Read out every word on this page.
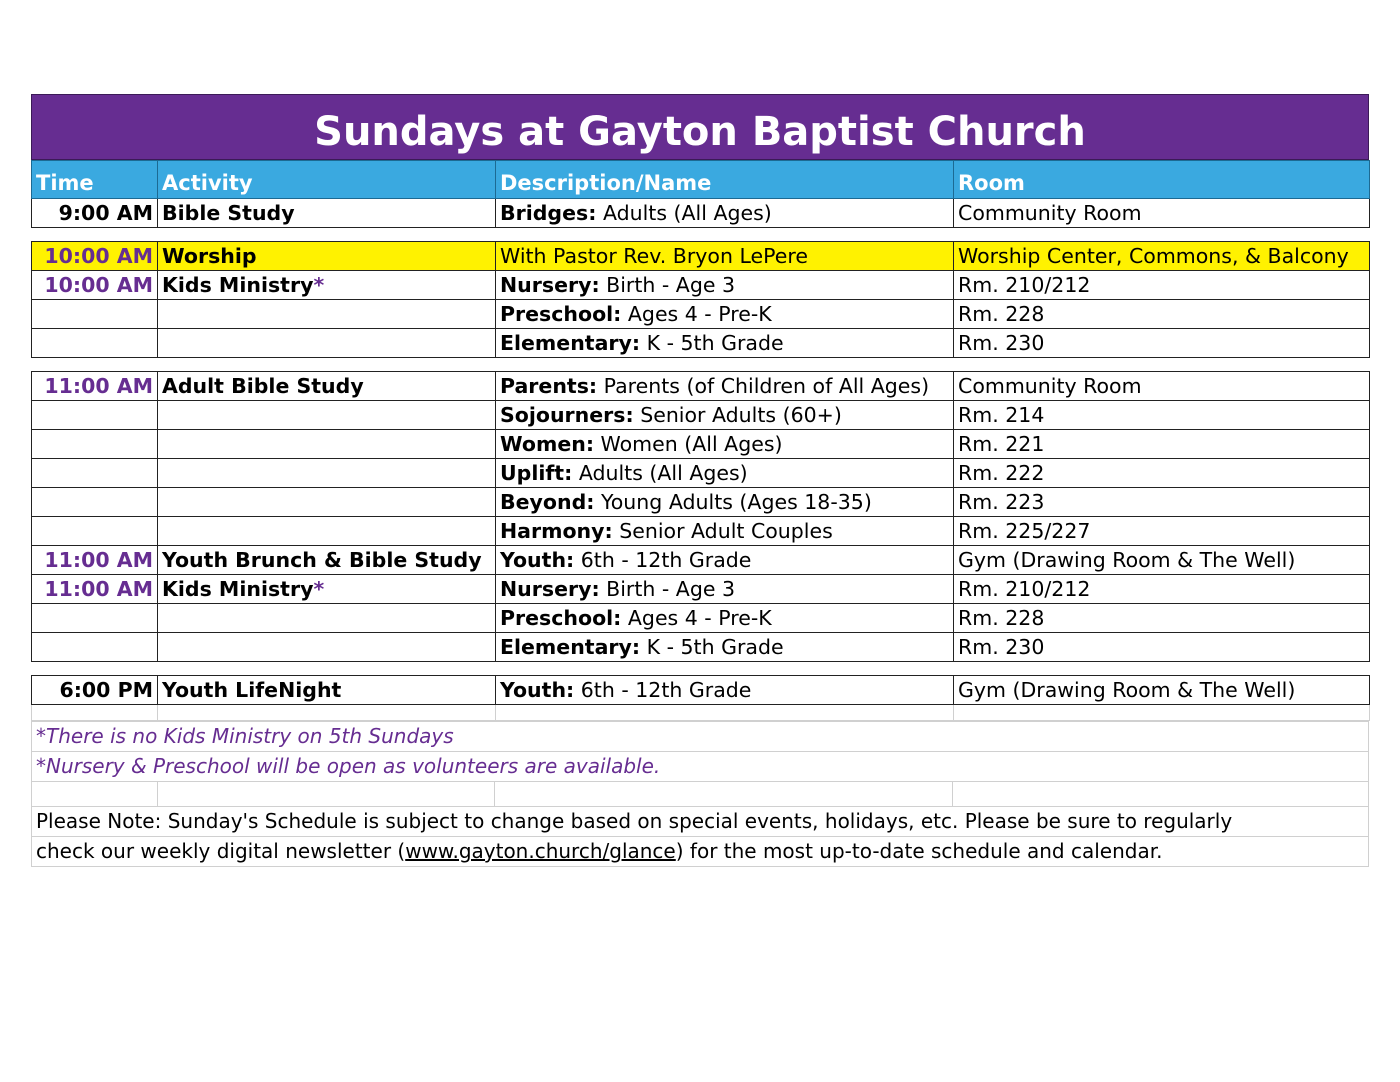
Sundays at Gayton Baptist Church
Time	Activity	Description/Name	Room
9:00 AM	Bible Study	Bridges: Adults (All Ages)	Community Room

10:00 AM	Worship	With Pastor Rev. Bryon LePere	Worship Center, Commons, & Balcony
10:00 AM	Kids Ministry*	Nursery: Birth - Age 3	Rm. 210/212
		Preschool: Ages 4 - Pre-K	Rm. 228
		Elementary: K - 5th Grade	Rm. 230

11:00 AM	Adult Bible Study	Parents: Parents (of Children of All Ages)	Community Room
		Sojourners: Senior Adults (60+)	Rm. 214
		Women: Women (All Ages)	Rm. 221
		Uplift: Adults (All Ages)	Rm. 222
		Beyond: Young Adults (Ages 18-35)	Rm. 223
		Harmony: Senior Adult Couples	Rm. 225/227
11:00 AM	Youth Brunch & Bible Study	Youth: 6th - 12th Grade	Gym (Drawing Room & The Well)
11:00 AM	Kids Ministry*	Nursery: Birth - Age 3	Rm. 210/212
		Preschool: Ages 4 - Pre-K	Rm. 228
		Elementary: K - 5th Grade	Rm. 230

6:00 PM	Youth LifeNight	Youth: 6th - 12th Grade	Gym (Drawing Room & The Well)

*There is no Kids Ministry on 5th Sundays
*Nursery & Preschool will be open as volunteers are available.
Please Note: Sunday's Schedule is subject to change based on special events, holidays, etc. Please be sure to regularly
check our weekly digital newsletter (www.gayton.church/glance) for the most up-to-date schedule and calendar.
